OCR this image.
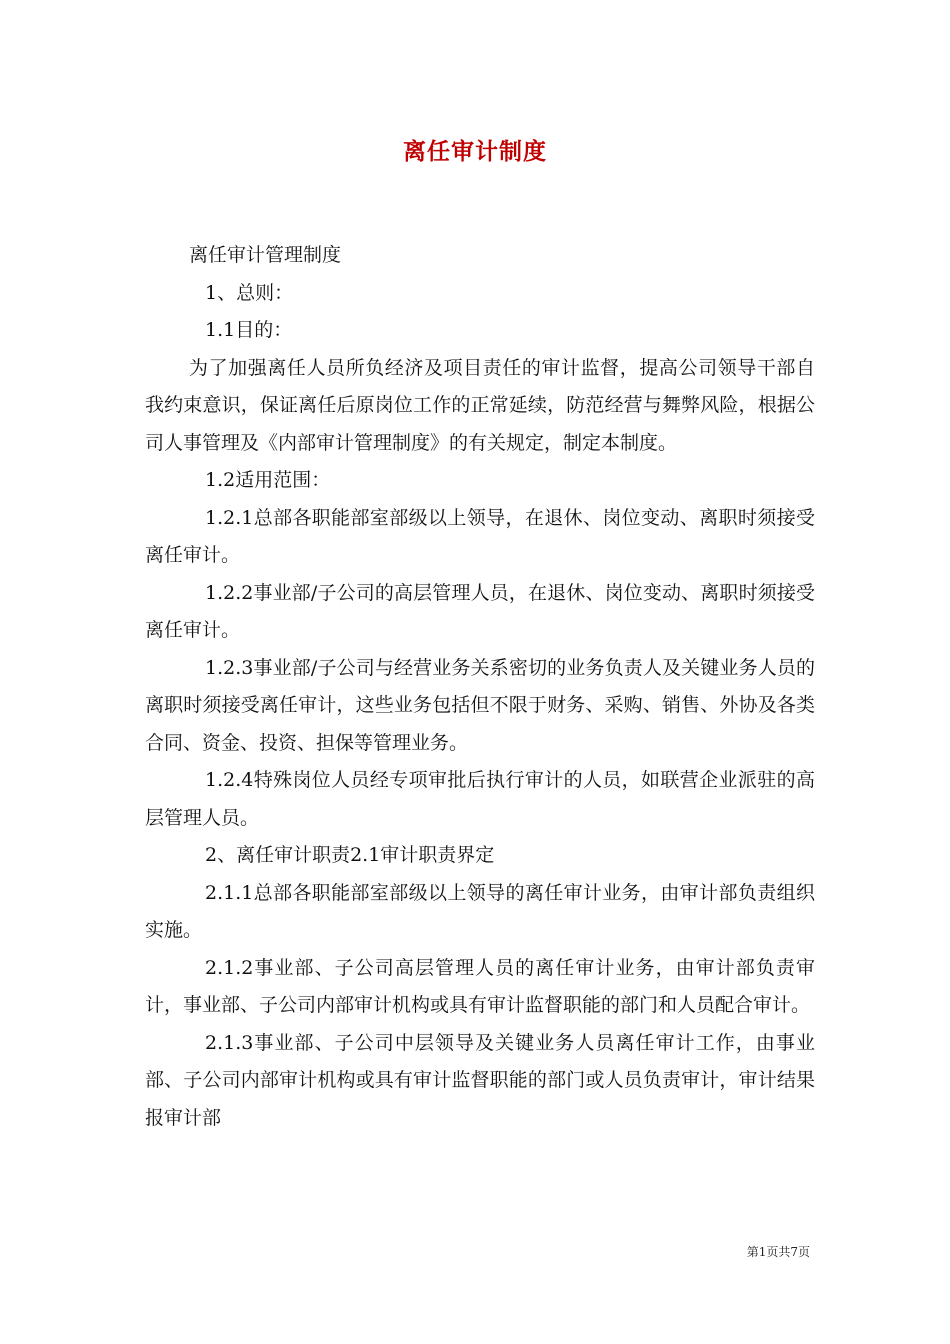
离任审计制度

离任审计管理制度

1、总则：

1.1目的：

为了加强离任人员所负经济及项目责任的审计监督，提高公司领导干部自我约束意识，保证离任后原岗位工作的正常延续，防范经营与舞弊风险，根据公司人事管理及《内部审计管理制度》的有关规定，制定本制度。

1.2适用范围：

1.2.1总部各职能部室部级以上领导，在退休、岗位变动、离职时须接受离任审计。

1.2.2事业部/子公司的高层管理人员，在退休、岗位变动、离职时须接受离任审计。

1.2.3事业部/子公司与经营业务关系密切的业务负责人及关键业务人员的离职时须接受离任审计，这些业务包括但不限于财务、采购、销售、外协及各类合同、资金、投资、担保等管理业务。

1.2.4特殊岗位人员经专项审批后执行审计的人员，如联营企业派驻的高层管理人员。

2、离任审计职责2.1审计职责界定

2.1.1总部各职能部室部级以上领导的离任审计业务，由审计部负责组织实施。

2.1.2事业部、子公司高层管理人员的离任审计业务，由审计部负责审计，事业部、子公司内部审计机构或具有审计监督职能的部门和人员配合审计。

2.1.3事业部、子公司中层领导及关键业务人员离任审计工作，由事业部、子公司内部审计机构或具有审计监督职能的部门或人员负责审计，审计结果报审计部

第1页共7页
